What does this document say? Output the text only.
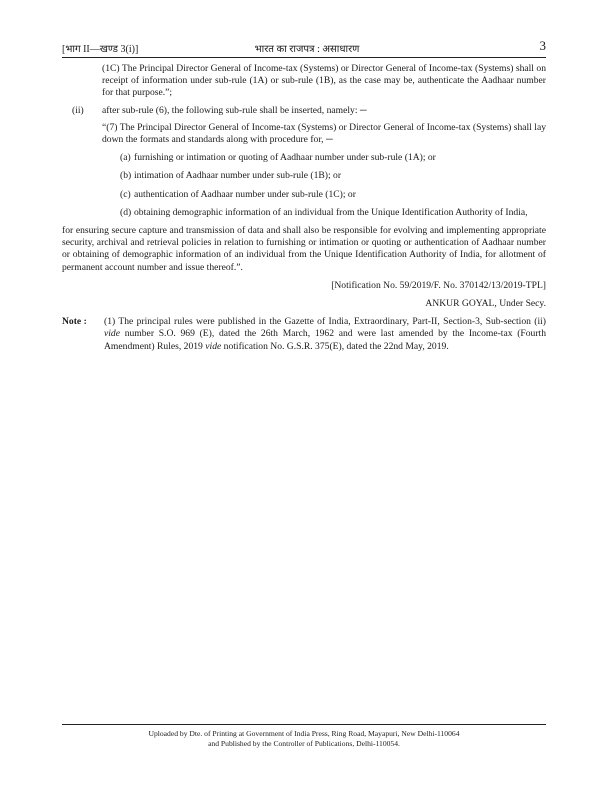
[भाग II—खण्ड 3(i)]	भारत का राजपत्र : असाधारण	3

(1C) The Principal Director General of Income-tax (Systems) or Director General of Income-tax (Systems) shall on receipt of information under sub-rule (1A) or sub-rule (1B), as the case may be, authenticate the Aadhaar number for that purpose.”;

(ii) after sub-rule (6), the following sub-rule shall be inserted, namely: ─

“(7) The Principal Director General of Income-tax (Systems) or Director General of Income-tax (Systems) shall lay down the formats and standards along with procedure for, ─

(a) furnishing or intimation or quoting of Aadhaar number under sub-rule (1A); or
(b) intimation of Aadhaar number under sub-rule (1B); or
(c) authentication of Aadhaar number under sub-rule (1C); or
(d) obtaining demographic information of an individual from the Unique Identification Authority of India,

for ensuring secure capture and transmission of data and shall also be responsible for evolving and implementing appropriate security, archival and retrieval policies in relation to furnishing or intimation or quoting or authentication of Aadhaar number or obtaining of demographic information of an individual from the Unique Identification Authority of India, for allotment of permanent account number and issue thereof.”.

[Notification No. 59/2019/F. No. 370142/13/2019-TPL]

ANKUR GOYAL, Under Secy.

Note : (1) The principal rules were published in the Gazette of India, Extraordinary, Part-II, Section-3, Sub-section (ii) vide number S.O. 969 (E), dated the 26th March, 1962 and were last amended by the Income-tax (Fourth Amendment) Rules, 2019 vide notification No. G.S.R. 375(E), dated the 22nd May, 2019.
Uploaded by Dte. of Printing at Government of India Press, Ring Road, Mayapuri, New Delhi-110064
and Published by the Controller of Publications, Delhi-110054.
